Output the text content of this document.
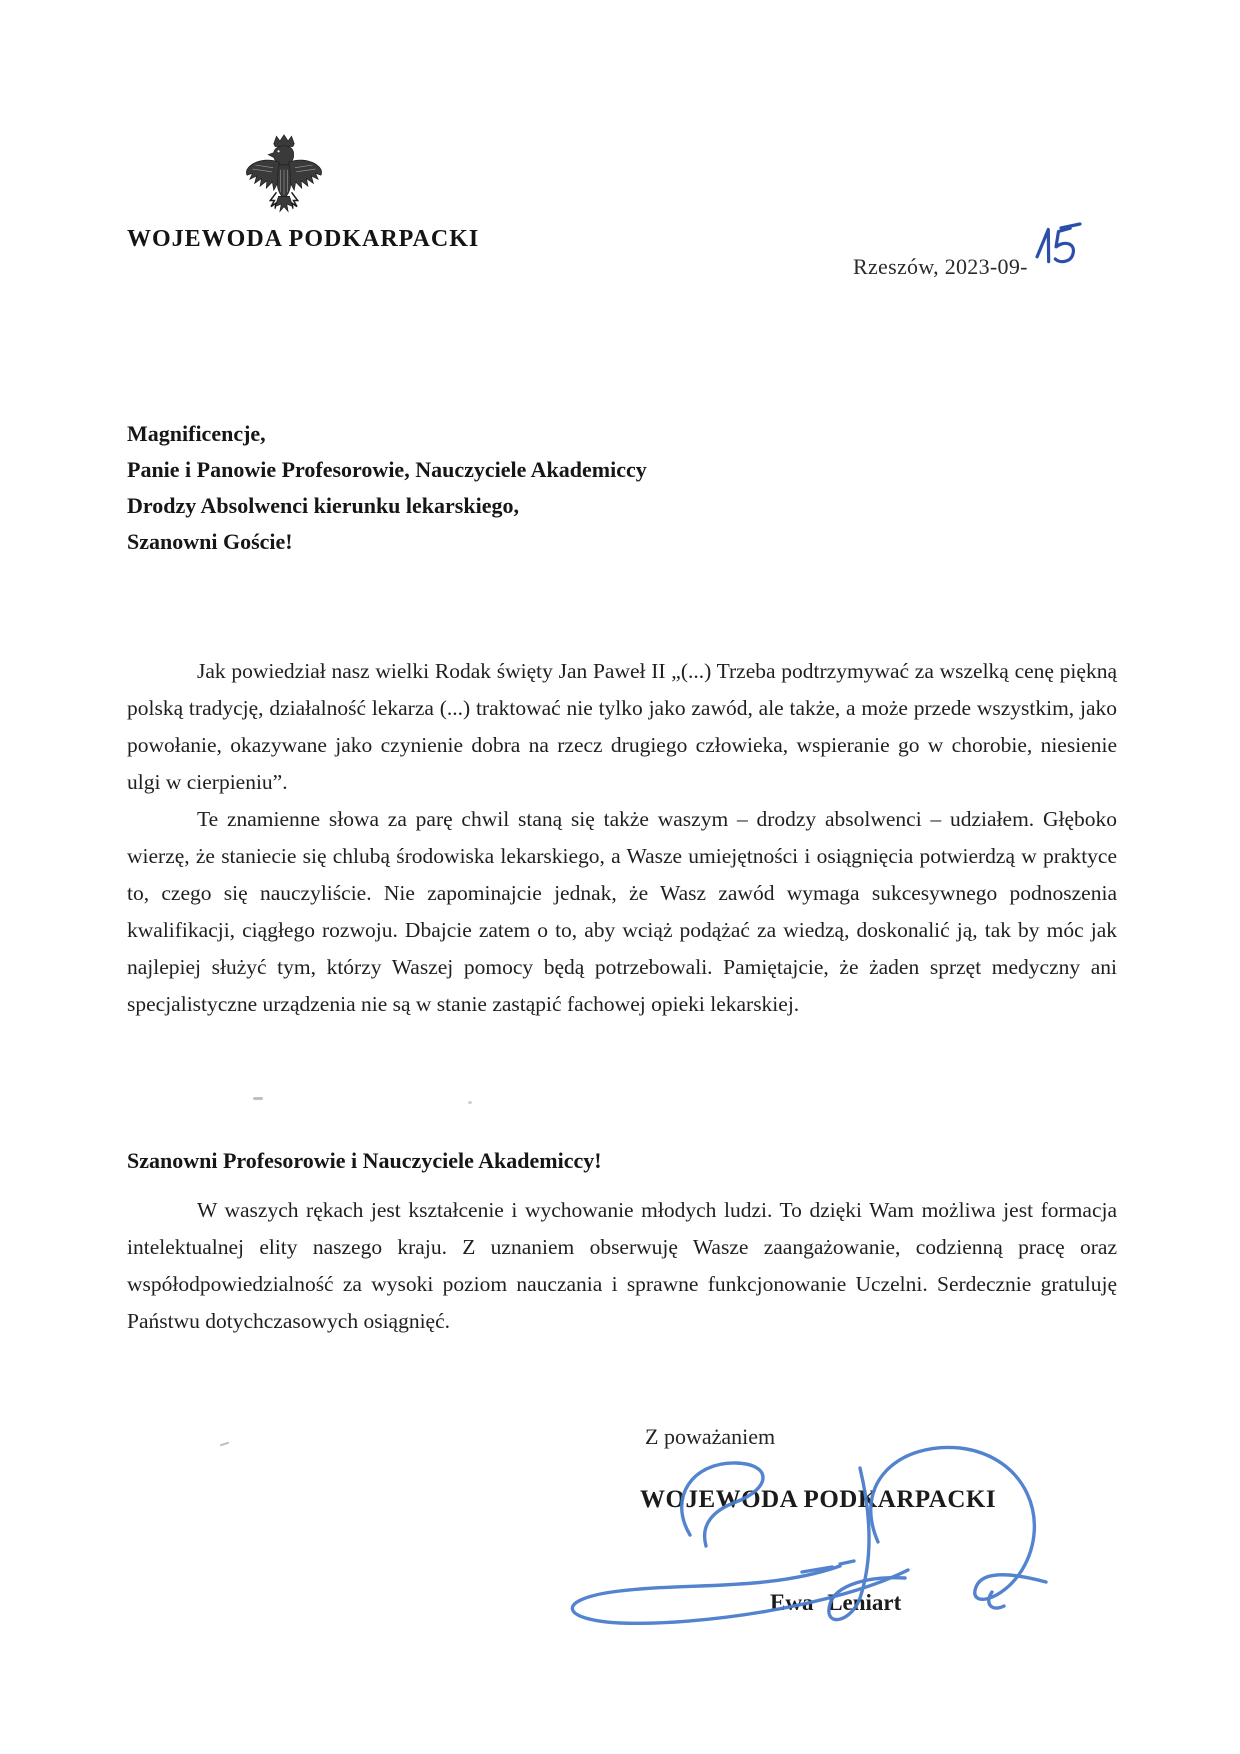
WOJEWODA PODKARPACKI
Rzeszów, 2023-09-
Magnificencje,
Panie i Panowie Profesorowie, Nauczyciele Akademiccy
Drodzy Absolwenci kierunku lekarskiego,
Szanowni Goście!

Jak powiedział nasz wielki Rodak święty Jan Paweł II „(...) Trzeba podtrzymywać za wszelką cenę piękną polską tradycję, działalność lekarza (...) traktować nie tylko jako zawód, ale także, a może przede wszystkim, jako powołanie, okazywane jako czynienie dobra na rzecz drugiego człowieka, wspieranie go w chorobie, niesienie ulgi w cierpieniu”.

Te znamienne słowa za parę chwil staną się także waszym – drodzy absolwenci – udziałem. Głęboko wierzę, że staniecie się chlubą środowiska lekarskiego, a Wasze umiejętności i osiągnięcia potwierdzą w praktyce to, czego się nauczyliście. Nie zapominajcie jednak, że Wasz zawód wymaga sukcesywnego podnoszenia kwalifikacji, ciągłego rozwoju. Dbajcie zatem o to, aby wciąż podążać za wiedzą, doskonalić ją, tak by móc jak najlepiej służyć tym, którzy Waszej pomocy będą potrzebowali. Pamiętajcie, że żaden sprzęt medyczny ani specjalistyczne urządzenia nie są w stanie zastąpić fachowej opieki lekarskiej.

Szanowni Profesorowie i Nauczyciele Akademiccy!

W waszych rękach jest kształcenie i wychowanie młodych ludzi. To dzięki Wam możliwa jest formacja intelektualnej elity naszego kraju. Z uznaniem obserwuję Wasze zaangażowanie, codzienną pracę oraz współodpowiedzialność za wysoki poziom nauczania i sprawne funkcjonowanie Uczelni. Serdecznie gratuluję Państwu dotychczasowych osiągnięć.

Z poważaniem
WOJEWODA PODKARPACKI
Ewa Leniart
